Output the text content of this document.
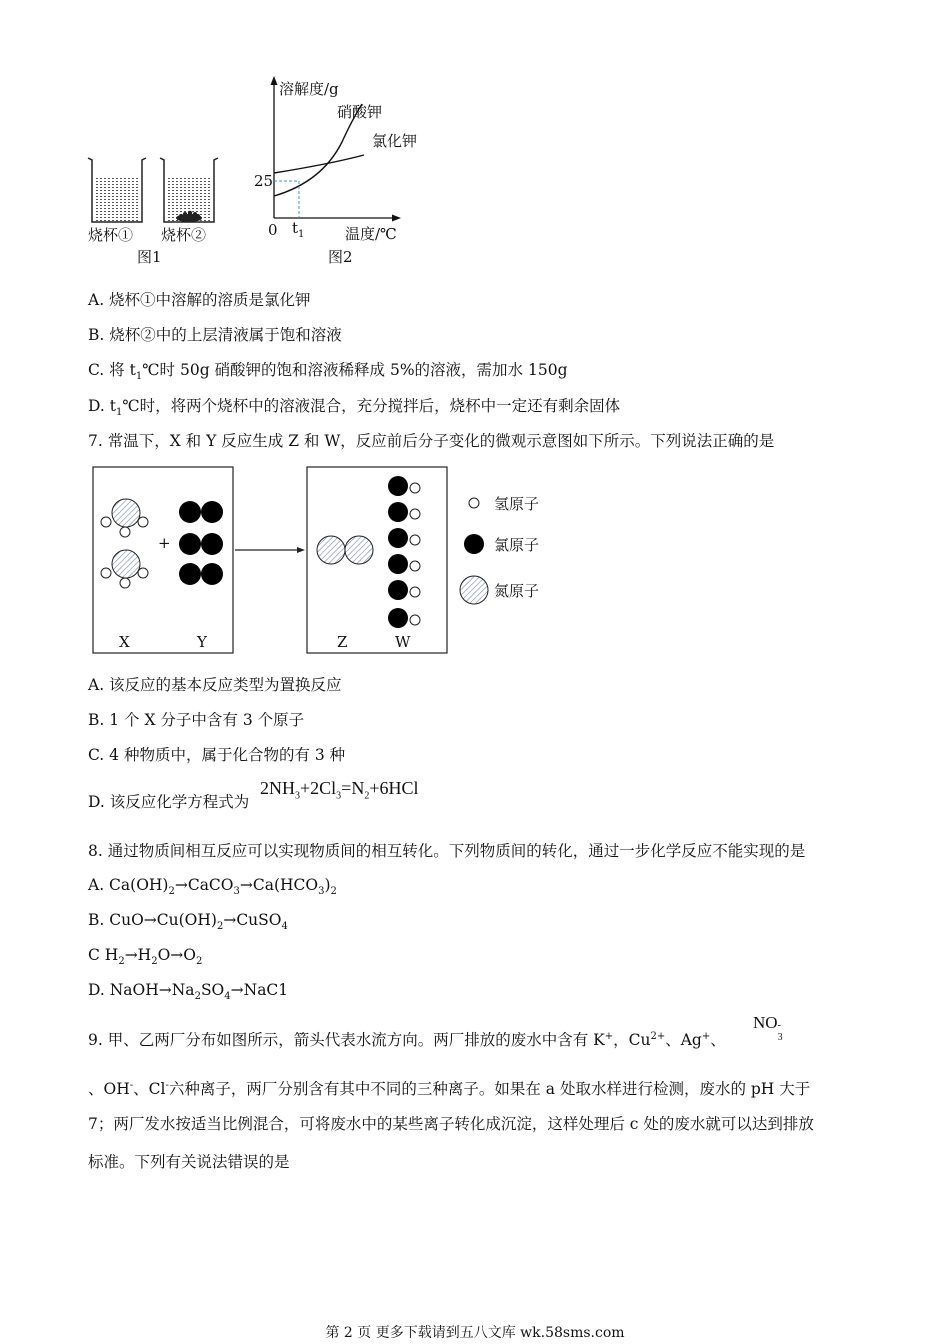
烧杯① 烧杯②
图1
溶解度/g
硝酸钾
氯化钾
25
0 $t_1$	温度/℃
图2
A. 烧杯①中溶解的溶质是氯化钾
B. 烧杯②中的上层清液属于饱和溶液
C. 将 $t_1℃$时 50g 硝酸钾的饱和溶液稀释成 5%的溶液，需加水 150g
D. $t_1℃$时，将两个烧杯中的溶液混合，充分搅拌后，烧杯中一定还有剩余固体
7. 常温下，X 和 Y 反应生成 Z 和 W，反应前后分子变化的微观示意图如下所示。下列说法正确的是
+
X	Y	Z	W
氢原子
氯原子
氮原子
A. 该反应的基本反应类型为置换反应
B. 1 个 X 分子中含有 3 个原子
C. 4 种物质中，属于化合物的有 3 种
D. 该反应化学方程式为
$2NH_3+2Cl_3=N_2+6HCl$
8. 通过物质间相互反应可以实现物质间的相互转化。下列物质间的转化，通过一步化学反应不能实现的是
A. $Ca(OH)_2\to CaCO_3\to Ca(HCO_3)_2$
B. $CuO\to Cu(OH)_2\to CuSO_4$
C $H_2\to H_2O\to O_2$
D. $NaOH\to Na_2SO_4\to NaC1$
9. 甲、乙两厂分布如图所示，箭头代表水流方向。两厂排放的废水中含有 K+，$Cu^{2+}$、Ag+、
NO -
3
、OH-、Cl-六种离子，两厂分别含有其中不同的三种离子。如果在 a 处取水样进行检测，废水的 pH 大于
7；两厂发水按适当比例混合，可将废水中的某些离子转化成沉淀，这样处理后 c 处的废水就可以达到排放
标准。下列有关说法错误的是
第 2 页 更多下载请到五八文库 wk.58sms.com
